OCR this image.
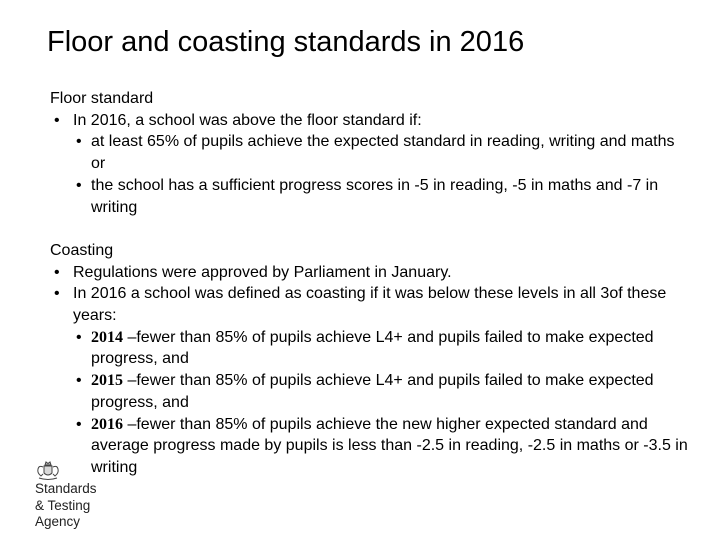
Floor and coasting standards in 2016
Floor standard
• In 2016, a school was above the floor standard if:
• at least 65% of pupils achieve the expected standard in reading, writing and maths or
• the school has a sufficient progress scores in -5 in reading, -5 in maths and -7 in writing
Coasting
• Regulations were approved by Parliament in January.
• In 2016 a school was defined as coasting if it was below these levels in all 3of these years:
• 2014 –fewer than 85% of pupils achieve L4+ and pupils failed to make expected progress, and
• 2015 –fewer than 85% of pupils achieve L4+ and pupils failed to make expected progress, and
• 2016 –fewer than 85% of pupils achieve the new higher expected standard and average progress made by pupils is less than -2.5 in reading, -2.5 in maths or -3.5 in writing
Standards
& Testing
Agency
